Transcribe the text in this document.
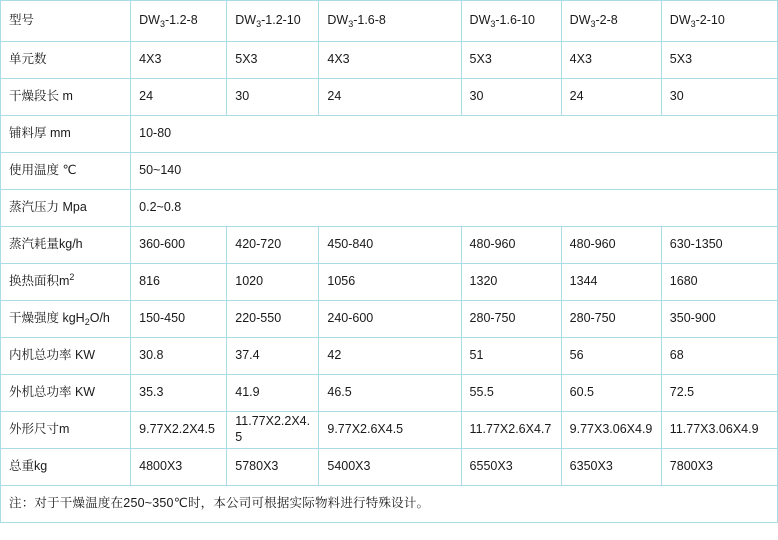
型号	$DW_3-1.2-8$	$DW_3-1.2-10$	$DW_3-1.6-8$	$DW_3-1.6-10$	$DW_3-2-8$	$DW_3-2-10$
单元数	4X3	5X3	4X3	5X3	4X3	5X3
干燥段长 m	24	30	24	30	24	30
铺料厚 mm	10-80					
使用温度 ℃	50~140					
蒸汽压力 Mpa	0.2~0.8					
蒸汽耗量kg/h	360-600	420-720	450-840	480-960	480-960	630-1350
换热面积$m^2$	816	1020	1056	1320	1344	1680
干燥强度 kgH$_2$O/h	150-450	220-550	240-600	280-750	280-750	350-900
内机总功率 KW	30.8	37.4	42	51	56	68
外机总功率 KW	35.3	41.9	46.5	55.5	60.5	72.5
外形尺寸m	9.77X2.2X4.5	11.77X2.2X4.5	9.77X2.6X4.5	11.77X2.6X4.7	9.77X3.06X4.9	11.77X3.06X4.9
总重kg	4800X3	5780X3	5400X3	6550X3	6350X3	7800X3
注：对于干燥温度在250~350℃时，本公司可根据实际物料进行特殊设计。						
